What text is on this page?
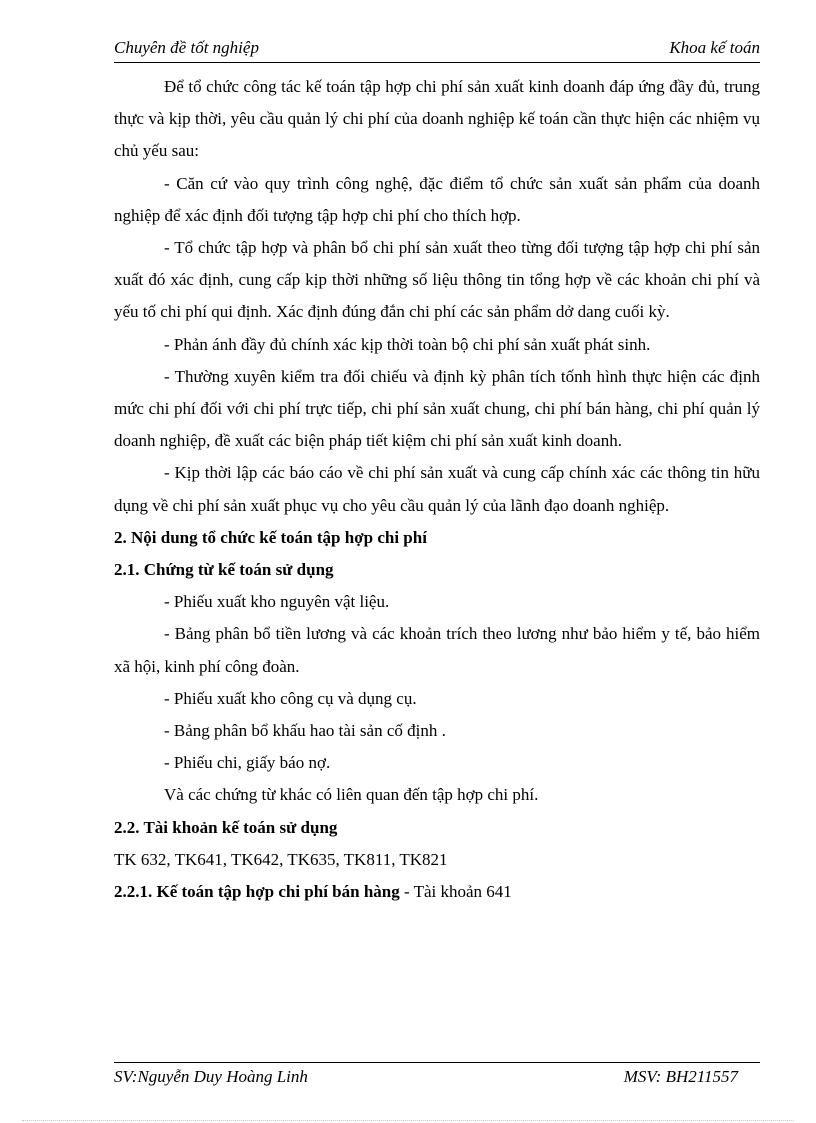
Chuyên đề tốt nghiệp	Khoa kế toán

Để tổ chức công tác kế toán tập hợp chi phí sản xuất kinh doanh đáp ứng đầy đủ, trung thực và kịp thời, yêu cầu quản lý chi phí của doanh nghiệp kế toán cần thực hiện các nhiệm vụ chủ yếu sau:

- Căn cứ vào quy trình công nghệ, đặc điểm tổ chức sản xuất sản phẩm của doanh nghiệp để xác định đối tượng tập hợp chi phí cho thích hợp.

- Tổ chức tập hợp và phân bổ chi phí sản xuất theo từng đối tượng tập hợp chi phí sản xuất đó xác định, cung cấp kịp thời những số liệu thông tin tổng hợp về các khoản chi phí và yếu tố chi phí qui định. Xác định đúng đắn chi phí các sản phẩm dở dang cuối kỳ.

- Phản ánh đầy đủ chính xác kịp thời toàn bộ chi phí sản xuất phát sinh.

- Thường xuyên kiểm tra đối chiếu và định kỳ phân tích tốnh hình thực hiện các định mức chi phí đối với chi phí trực tiếp, chi phí sản xuất chung, chi phí bán hàng, chi phí quản lý doanh nghiệp, đề xuất các biện pháp tiết kiệm chi phí sản xuất kinh doanh.

- Kịp thời lập các báo cáo về chi phí sản xuất và cung cấp chính xác các thông tin hữu dụng về chi phí sản xuất phục vụ cho yêu cầu quản lý của lãnh đạo doanh nghiệp.

2. Nội dung tổ chức kế toán tập hợp chi phí

2.1. Chứng từ kế toán sử dụng

- Phiếu xuất kho nguyên vật liệu.

- Bảng phân bổ tiền lương và các khoản trích theo lương như bảo hiểm y tế, bảo hiểm xã hội, kinh phí công đoàn.

- Phiếu xuất kho công cụ và dụng cụ.

- Bảng phân bổ khấu hao tài sản cố định .

- Phiếu chi, giấy báo nợ.

Và các chứng từ khác có liên quan đến tập hợp chi phí.

2.2. Tài khoản kế toán sử dụng

TK 632, TK641, TK642, TK635, TK811, TK821

2.2.1. Kế toán tập hợp chi phí bán hàng - Tài khoản 641

SV:Nguyễn Duy Hoàng Linh	MSV: BH211557
